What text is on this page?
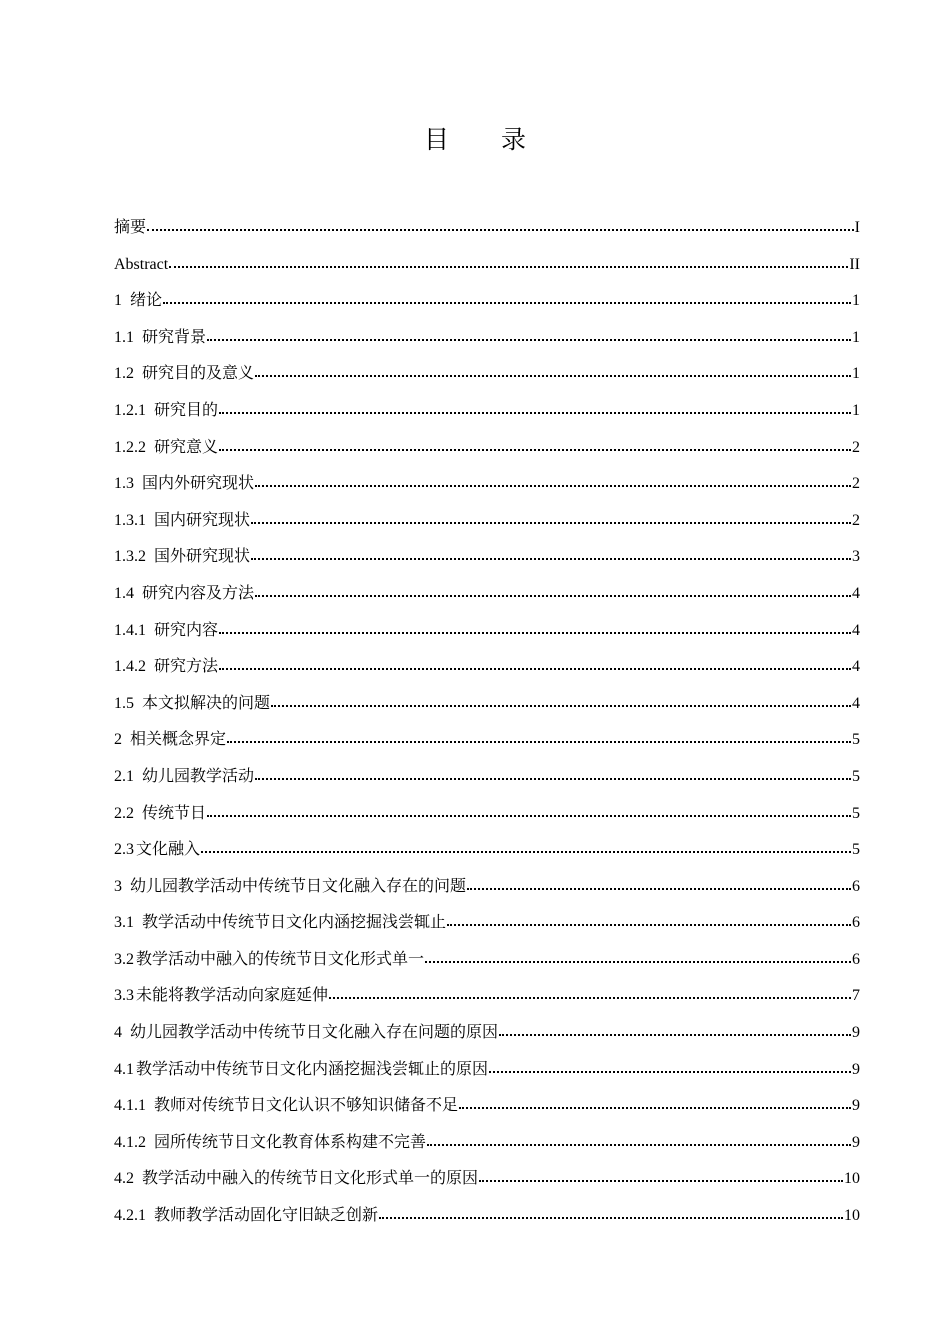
目 录
摘要	I
Abstract	II
1 绪论	1
1.1 研究背景	1
1.2 研究目的及意义	1
1.2.1 研究目的	1
1.2.2 研究意义	2
1.3 国内外研究现状	2
1.3.1 国内研究现状	2
1.3.2 国外研究现状	3
1.4 研究内容及方法	4
1.4.1 研究内容	4
1.4.2 研究方法	4
1.5 本文拟解决的问题	4
2 相关概念界定	5
2.1 幼儿园教学活动	5
2.2 传统节日	5
2.3 文化融入	5
3 幼儿园教学活动中传统节日文化融入存在的问题	6
3.1 教学活动中传统节日文化内涵挖掘浅尝辄止	6
3.2 教学活动中融入的传统节日文化形式单一	6
3.3 未能将教学活动向家庭延伸	7
4 幼儿园教学活动中传统节日文化融入存在问题的原因	9
4.1 教学活动中传统节日文化内涵挖掘浅尝辄止的原因	9
4.1.1 教师对传统节日文化认识不够知识储备不足	9
4.1.2 园所传统节日文化教育体系构建不完善	9
4.2 教学活动中融入的传统节日文化形式单一的原因	10
4.2.1 教师教学活动固化守旧缺乏创新	10
